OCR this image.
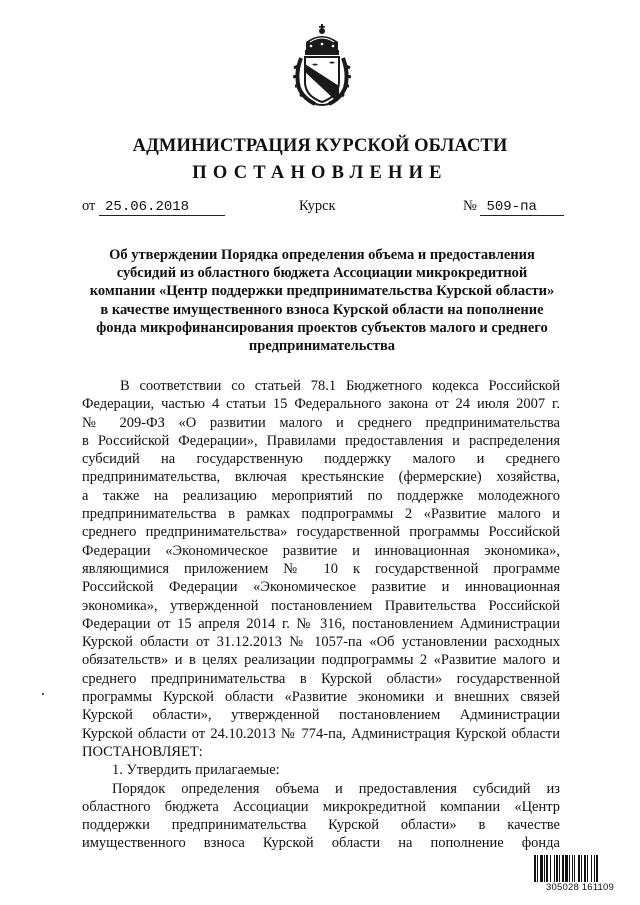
АДМИНИСТРАЦИЯ КУРСКОЙ ОБЛАСТИ
ПОСТАНОВЛЕНИЕ
от 25.06.2018	Курск	№ 509-па
Об утверждении Порядка определения объема и предоставления
субсидий из областного бюджета Ассоциации микрокредитной
компании «Центр поддержки предпринимательства Курской области»
в качестве имущественного взноса Курской области на пополнение
фонда микрофинансирования проектов субъектов малого и среднего
предпринимательства
В соответствии со статьей 78.1 Бюджетного кодекса Российской
Федерации, частью 4 статьи 15 Федерального закона от 24 июля 2007 г.
№ 209-ФЗ «О развитии малого и среднего предпринимательства
в Российской Федерации», Правилами предоставления и распределения
субсидий на государственную поддержку малого и среднего
предпринимательства, включая крестьянские (фермерские) хозяйства,
а также на реализацию мероприятий по поддержке молодежного
предпринимательства в рамках подпрограммы 2 «Развитие малого и
среднего предпринимательства» государственной программы Российской
Федерации «Экономическое развитие и инновационная экономика»,
являющимися приложением № 10 к государственной программе
Российской Федерации «Экономическое развитие и инновационная
экономика», утвержденной постановлением Правительства Российской
Федерации от 15 апреля 2014 г. № 316, постановлением Администрации
Курской области от 31.12.2013 № 1057-па «Об установлении расходных
обязательств» и в целях реализации подпрограммы 2 «Развитие малого и
среднего предпринимательства в Курской области» государственной
программы Курской области «Развитие экономики и внешних связей
Курской области», утвержденной постановлением Администрации
Курской области от 24.10.2013 № 774-па, Администрация Курской области
ПОСТАНОВЛЯЕТ:
1. Утвердить прилагаемые:
Порядок определения объема и предоставления субсидий из
областного бюджета Ассоциации микрокредитной компании «Центр
поддержки предпринимательства Курской области» в качестве
имущественного взноса Курской области на пополнение фонда
305028 161109
